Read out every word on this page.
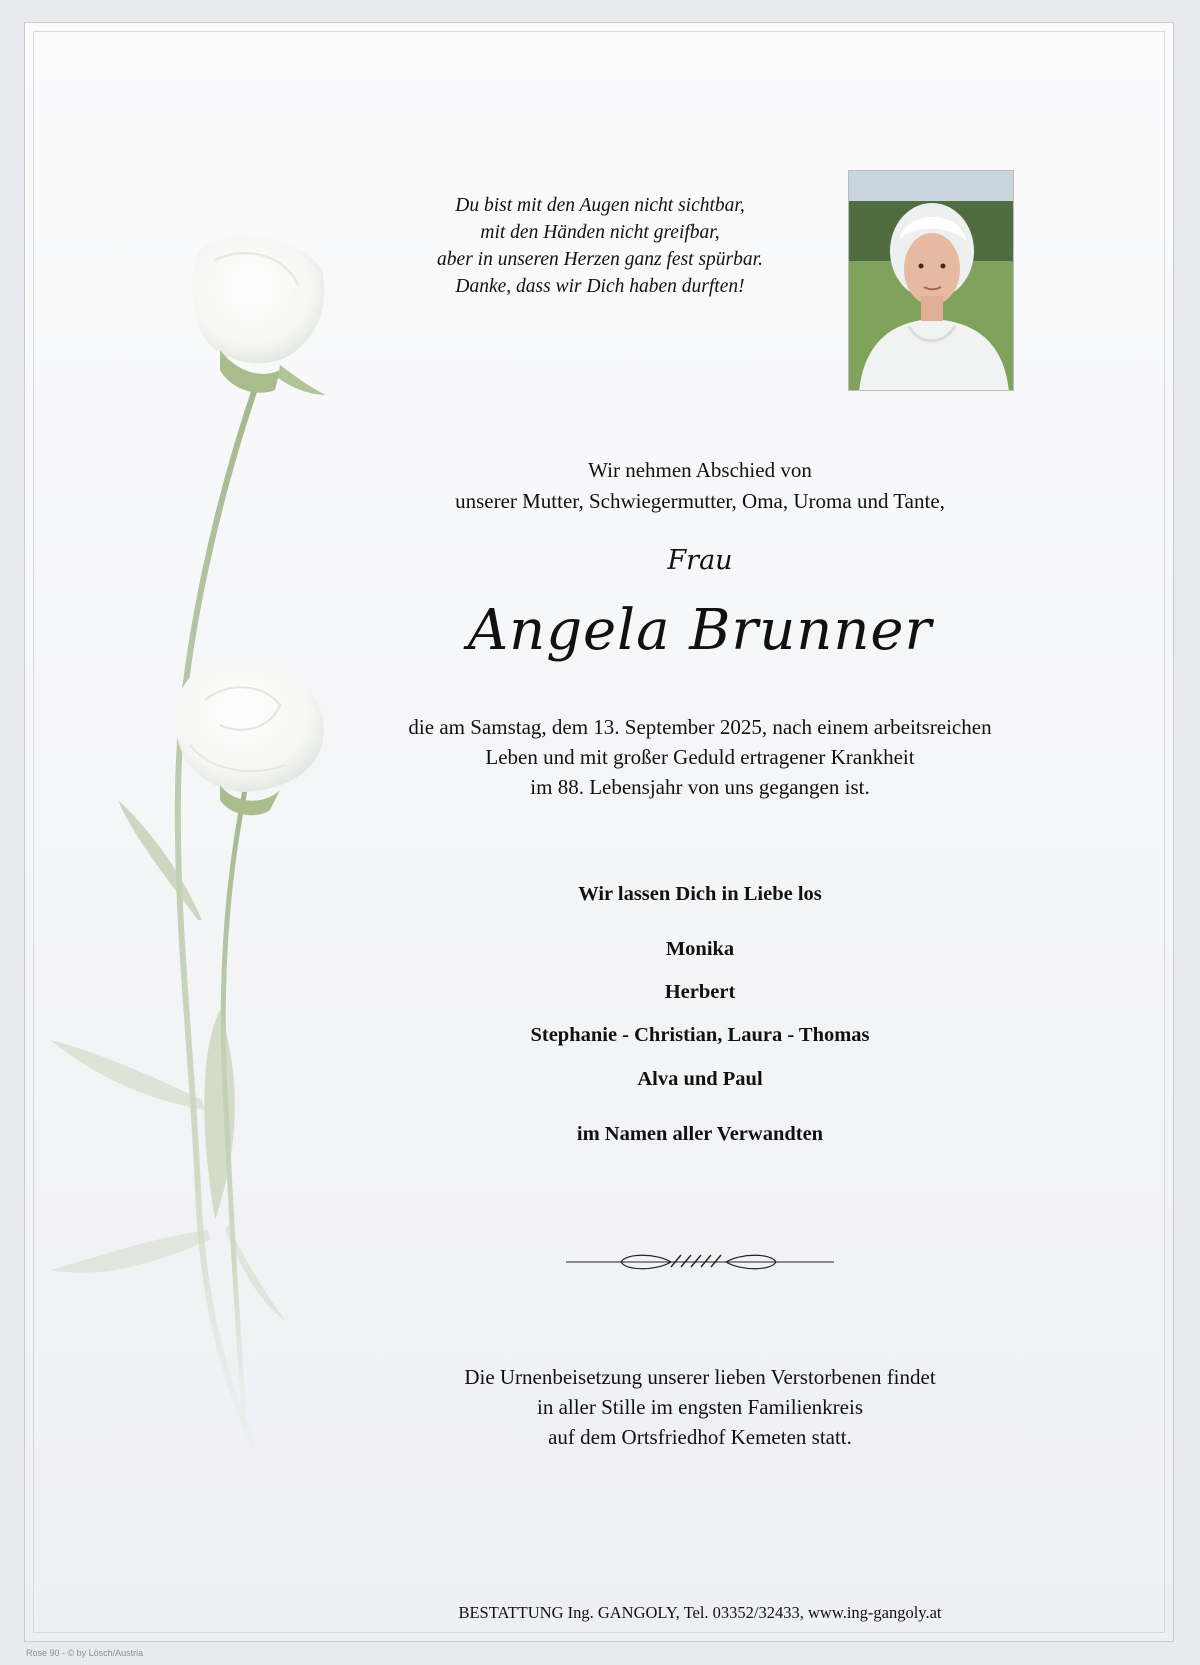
Du bist mit den Augen nicht sichtbar,
mit den Händen nicht greifbar,
aber in unseren Herzen ganz fest spürbar.
Danke, dass wir Dich haben durften!
Wir nehmen Abschied von
unserer Mutter, Schwiegermutter, Oma, Uroma und Tante,
Frau
Angela Brunner
die am Samstag, dem 13. September 2025, nach einem arbeitsreichen
Leben und mit großer Geduld ertragener Krankheit
im 88. Lebensjahr von uns gegangen ist.
Wir lassen Dich in Liebe los
Monika
Herbert
Stephanie - Christian, Laura - Thomas
Alva und Paul
im Namen aller Verwandten
Die Urnenbeisetzung unserer lieben Verstorbenen findet
in aller Stille im engsten Familienkreis
auf dem Ortsfriedhof Kemeten statt.
BESTATTUNG Ing. GANGOLY, Tel. 03352/32433, www.ing-gangoly.at
Rose 90 - © by Lösch/Austria
